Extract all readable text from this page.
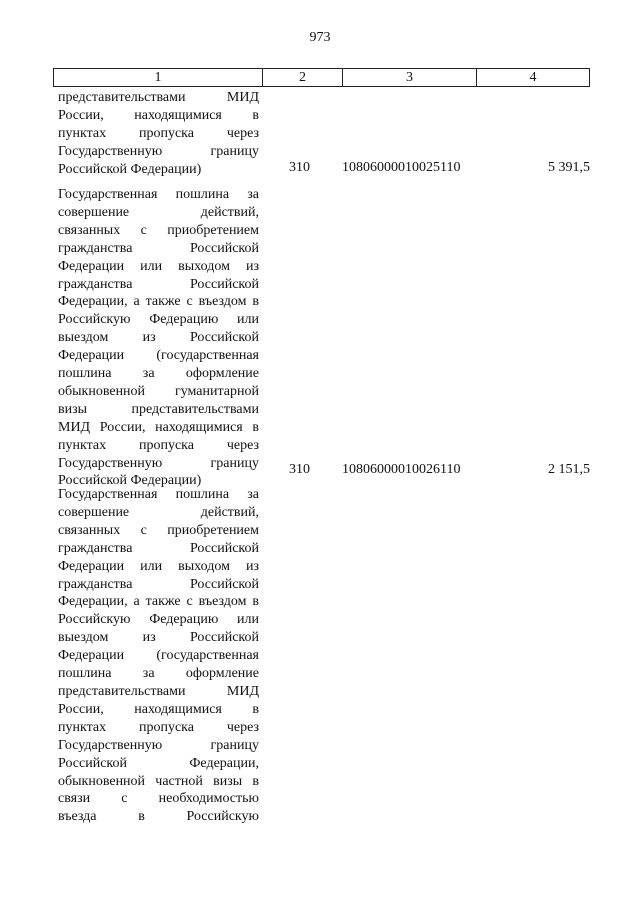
973
1	2	3	4
представительствами МИД
России, находящимися в
пунктах пропуска через
Государственную границу
Российской Федерации)	310 10806000010025110	5 391,5
Государственная пошлина за
совершение действий,
связанных с приобретением
гражданства Российской
Федерации или выходом из
гражданства Российской
Федерации, а также с въездом в
Российскую Федерацию или
выездом из Российской
Федерации (государственная
пошлина за оформление
обыкновенной гуманитарной
визы представительствами
МИД России, находящимися в
пунктах пропуска через
Государственную границу
Российской Федерации)
310 10806000010026110	2 151,5
Государственная пошлина за
совершение действий,
связанных с приобретением
гражданства Российской
Федерации или выходом из
гражданства Российской
Федерации, а также с въездом в
Российскую Федерацию или
выездом из Российской
Федерации (государственная
пошлина за оформление
представительствами МИД
России, находящимися в
пунктах пропуска через
Государственную границу
Российской Федерации,
обыкновенной частной визы в
связи с необходимостью
въезда в Российскую
